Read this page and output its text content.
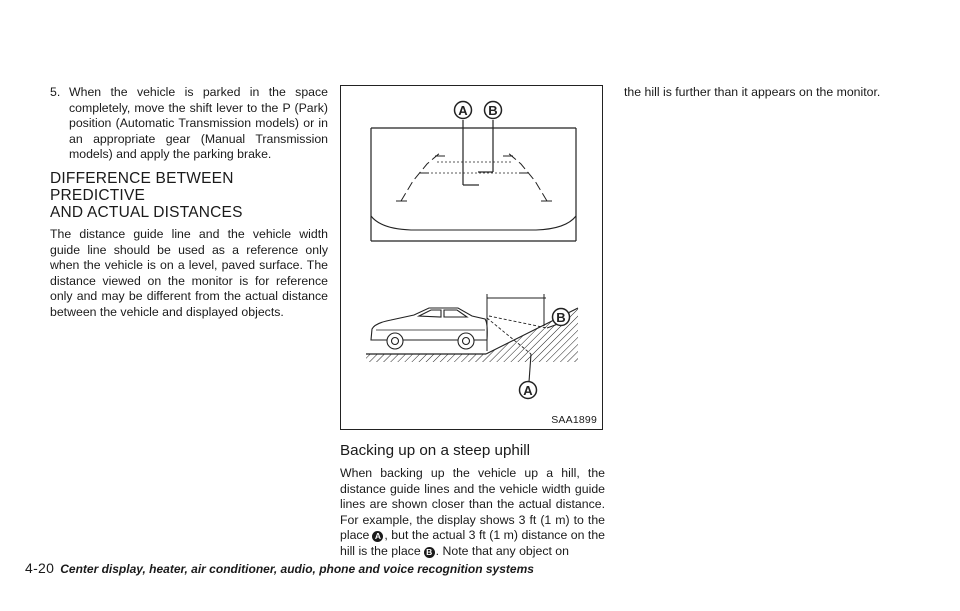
5. When the vehicle is parked in the space completely, move the shift lever to the P (Park) position (Automatic Transmission models) or in an appropriate gear (Manual Transmission models) and apply the parking brake.
DIFFERENCE BETWEEN PREDICTIVE
AND ACTUAL DISTANCES

The distance guide line and the vehicle width guide line should be used as a reference only when the vehicle is on a level, paved surface. The distance viewed on the monitor is for reference only and may be different from the actual distance between the vehicle and displayed objects.

A B
B
A
SAA1899
Backing up on a steep uphill

When backing up the vehicle up a hill, the distance guide lines and the vehicle width guide lines are shown closer than the actual distance. For example, the display shows 3 ft (1 m) to the place A , but the actual 3 ft (1 m) distance on the hill is the place B . Note that any object on

the hill is further than it appears on the monitor.

4-20 Center display, heater, air conditioner, audio, phone and voice recognition systems
